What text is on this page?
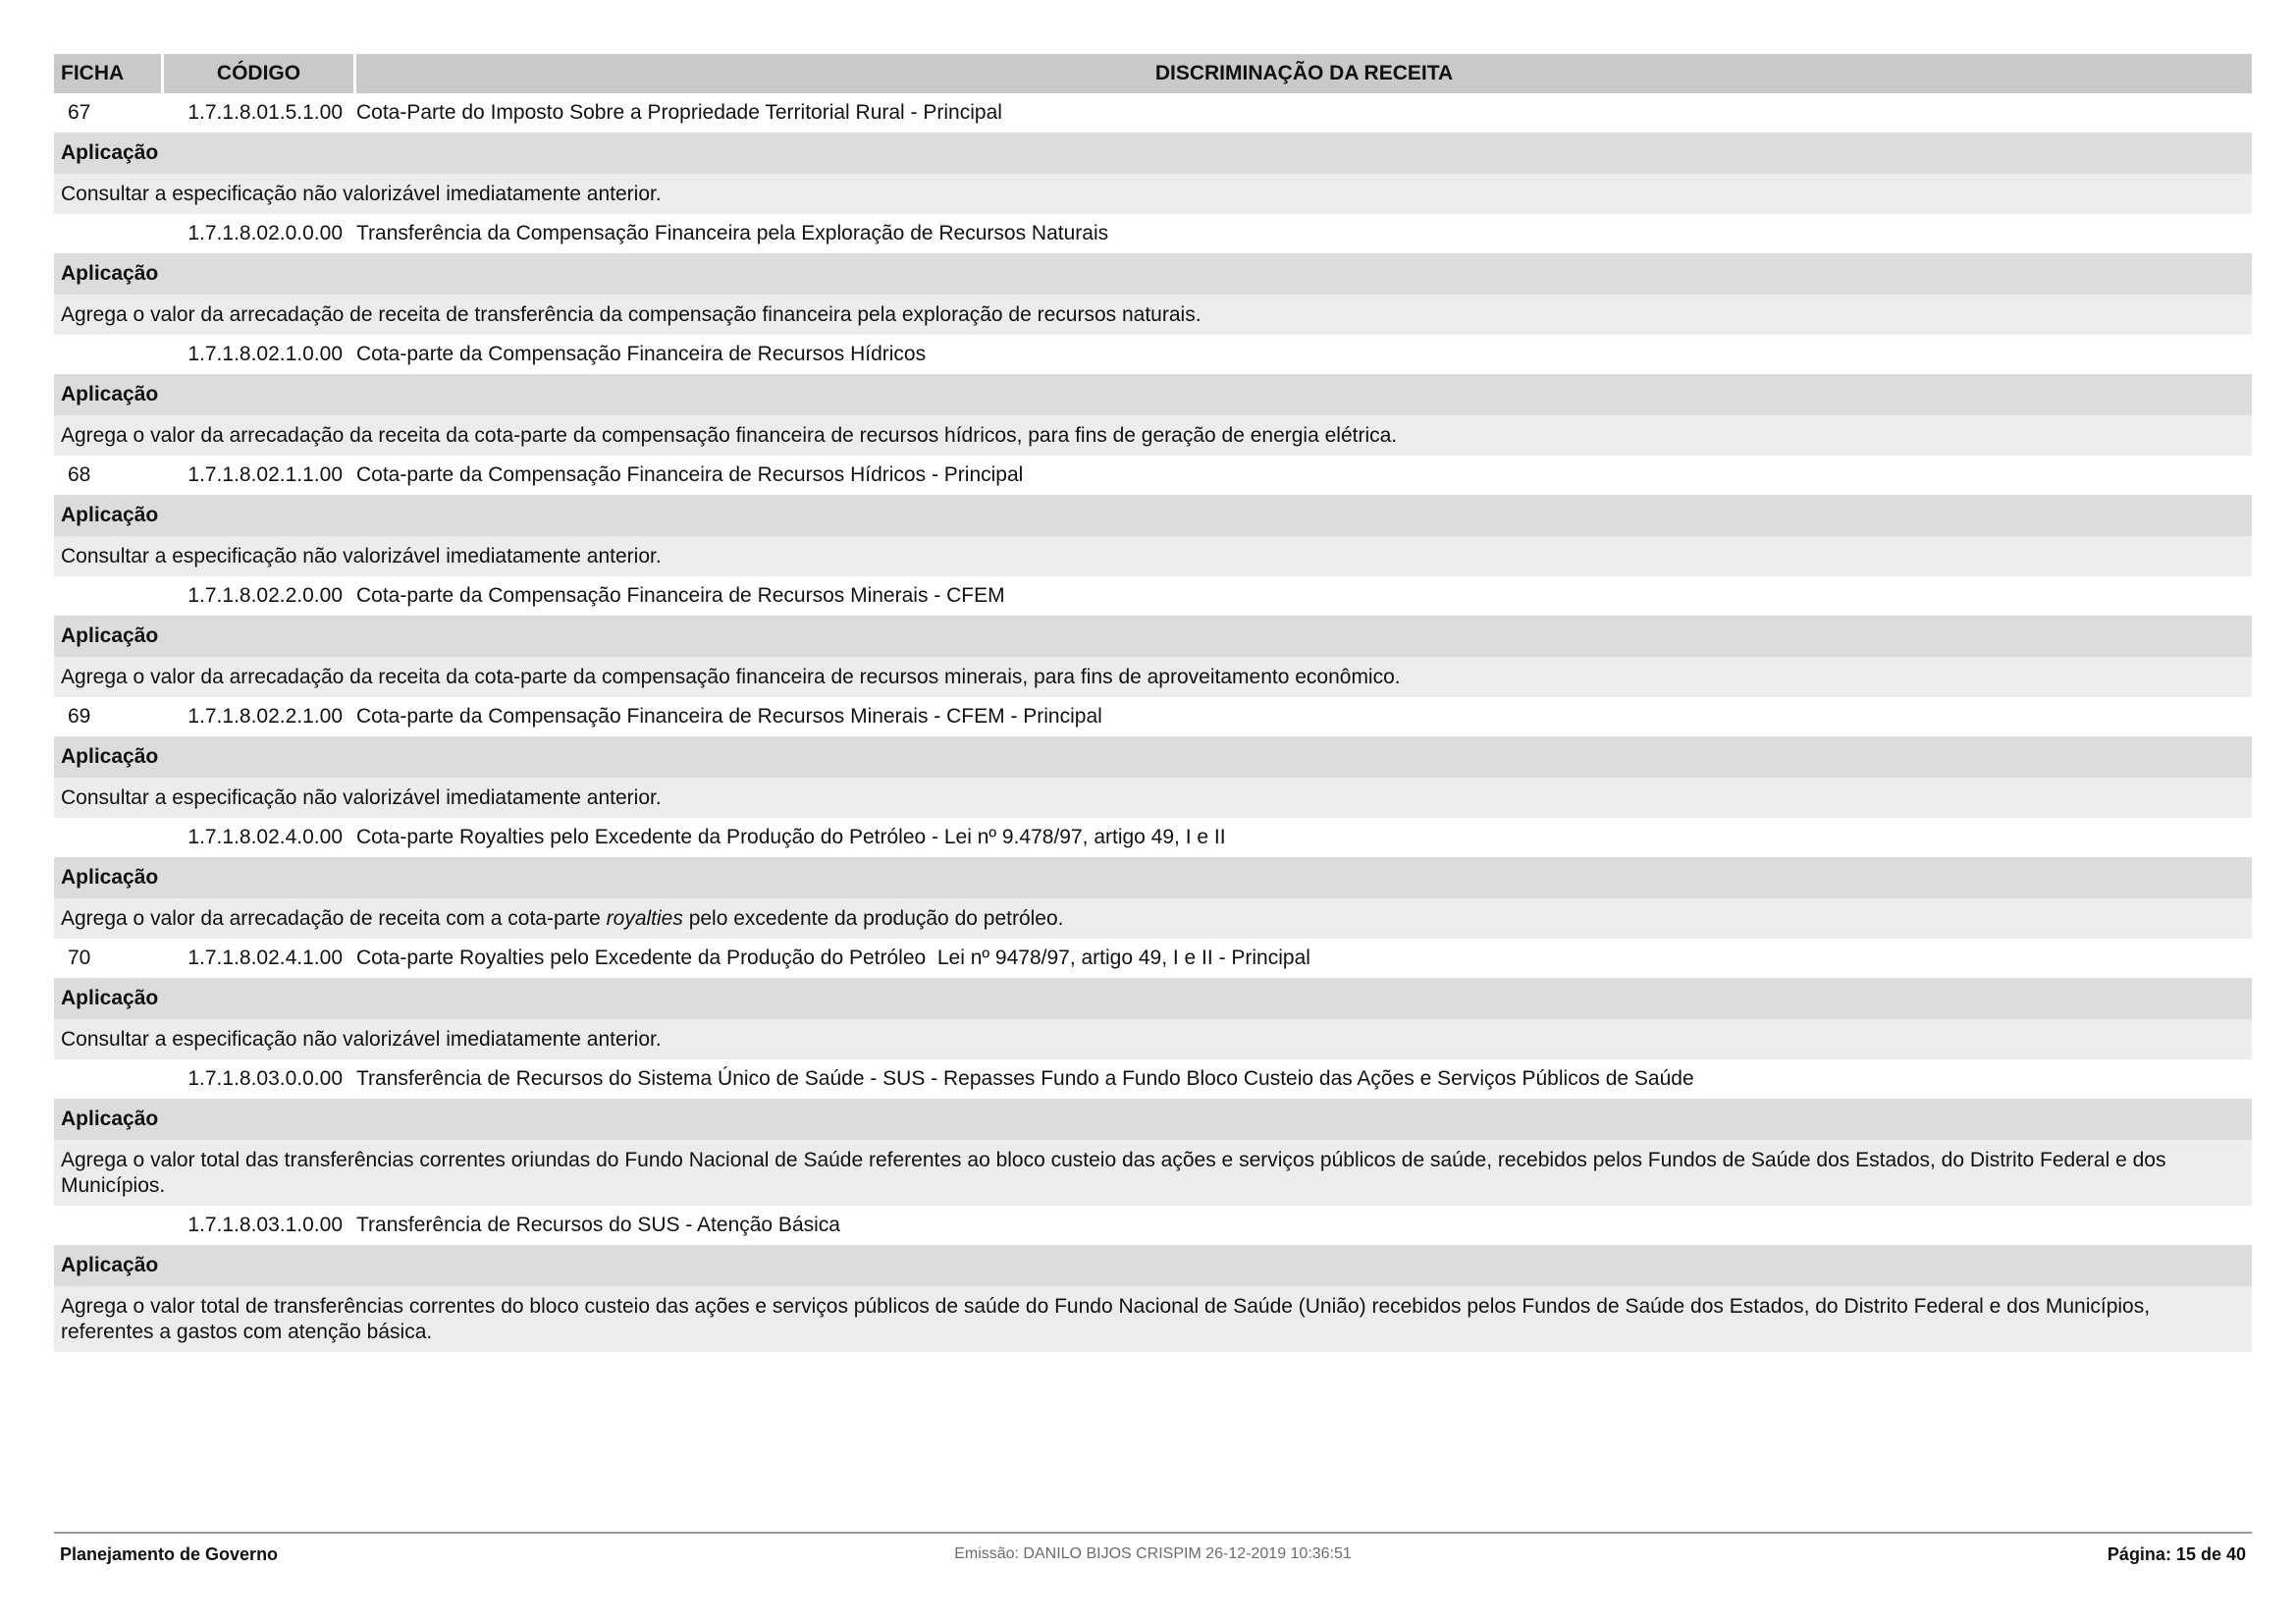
FICHA	CÓDIGO	DISCRIMINAÇÃO DA RECEITA
67	1.7.1.8.01.5.1.00 Cota-Parte do Imposto Sobre a Propriedade Territorial Rural - Principal
Aplicação
Consultar a especificação não valorizável imediatamente anterior.
1.7.1.8.02.0.0.00 Transferência da Compensação Financeira pela Exploração de Recursos Naturais
Aplicação
Agrega o valor da arrecadação de receita de transferência da compensação financeira pela exploração de recursos naturais.
1.7.1.8.02.1.0.00 Cota-parte da Compensação Financeira de Recursos Hídricos
Aplicação
Agrega o valor da arrecadação da receita da cota-parte da compensação financeira de recursos hídricos, para fins de geração de energia elétrica.
68	1.7.1.8.02.1.1.00 Cota-parte da Compensação Financeira de Recursos Hídricos - Principal
Aplicação
Consultar a especificação não valorizável imediatamente anterior.
1.7.1.8.02.2.0.00 Cota-parte da Compensação Financeira de Recursos Minerais - CFEM
Aplicação
Agrega o valor da arrecadação da receita da cota-parte da compensação financeira de recursos minerais, para fins de aproveitamento econômico.
69	1.7.1.8.02.2.1.00 Cota-parte da Compensação Financeira de Recursos Minerais - CFEM - Principal
Aplicação
Consultar a especificação não valorizável imediatamente anterior.
1.7.1.8.02.4.0.00 Cota-parte Royalties pelo Excedente da Produção do Petróleo - Lei nº 9.478/97, artigo 49, I e II
Aplicação
Agrega o valor da arrecadação de receita com a cota-parte royalties pelo excedente da produção do petróleo.
70	1.7.1.8.02.4.1.00 Cota-parte Royalties pelo Excedente da Produção do Petróleo  Lei nº 9478/97, artigo 49, I e II - Principal
Aplicação
Consultar a especificação não valorizável imediatamente anterior.
1.7.1.8.03.0.0.00 Transferência de Recursos do Sistema Único de Saúde - SUS - Repasses Fundo a Fundo Bloco Custeio das Ações e Serviços Públicos de Saúde
Aplicação
Agrega o valor total das transferências correntes oriundas do Fundo Nacional de Saúde referentes ao bloco custeio das ações e serviços públicos de saúde, recebidos pelos Fundos de Saúde dos Estados, do Distrito Federal e dos Municípios.
1.7.1.8.03.1.0.00 Transferência de Recursos do SUS - Atenção Básica
Aplicação
Agrega o valor total de transferências correntes do bloco custeio das ações e serviços públicos de saúde do Fundo Nacional de Saúde (União) recebidos pelos Fundos de Saúde dos Estados, do Distrito Federal e dos Municípios, referentes a gastos com atenção básica.
Planejamento de Governo	Emissão: DANILO BIJOS CRISPIM 26-12-2019 10:36:51	Página: 15 de 40
